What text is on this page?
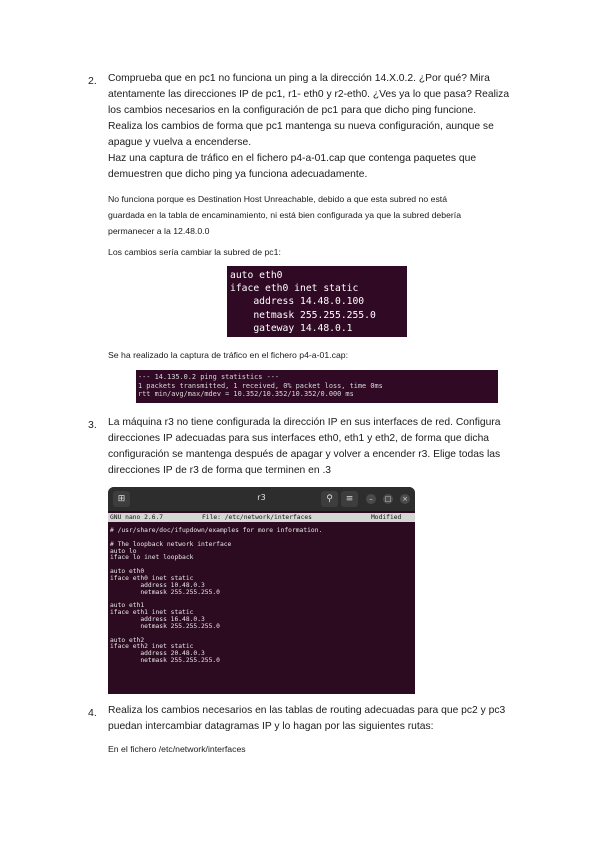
2. Comprueba que en pc1 no funciona un ping a la dirección 14.X.0.2. ¿Por qué? Mira
atentamente las direcciones IP de pc1, r1- eth0 y r2-eth0. ¿Ves ya lo que pasa? Realiza
los cambios necesarios en la configuración de pc1 para que dicho ping funcione.
Realiza los cambios de forma que pc1 mantenga su nueva configuración, aunque se
apague y vuelva a encenderse.
Haz una captura de tráfico en el fichero p4-a-01.cap que contenga paquetes que
demuestren que dicho ping ya funciona adecuadamente.
No funciona porque es Destination Host Unreachable, debido a que esta subred no está
guardada en la tabla de encaminamiento, ni está bien configurada ya que la subred debería
permanecer a la 12.48.0.0
Los cambios sería cambiar la subred de pc1:
auto eth0
iface eth0 inet static
address 14.48.0.100
netmask 255.255.255.0
gateway 14.48.0.1
Se ha realizado la captura de tráfico en el fichero p4-a-01.cap:
--- 14.135.0.2 ping statistics ---
1 packets transmitted, 1 received, 0% packet loss, time 0ms
rtt min/avg/max/mdev = 10.352/10.352/10.352/0.000 ms
3. La máquina r3 no tiene configurada la dirección IP en sus interfaces de red. Configura
direcciones IP adecuadas para sus interfaces eth0, eth1 y eth2, de forma que dicha
configuración se mantenga después de apagar y volver a encender r3. Elige todas las
direcciones IP de r3 de forma que terminen en .3
⊞	r3	⚲	≡	–	□ ×
GNU nano 2.6.7	File: /etc/network/interfaces	Modified
# /usr/share/doc/ifupdown/examples for more information.
# The loopback network interface
auto lo
iface lo inet loopback
auto eth0
iface eth0 inet static
address 10.48.0.3
netmask 255.255.255.0
auto eth1
iface eth1 inet static
address 16.48.0.3
netmask 255.255.255.0
auto eth2
iface eth2 inet static
address 20.48.0.3
netmask 255.255.255.0
4. Realiza los cambios necesarios en las tablas de routing adecuadas para que pc2 y pc3
puedan intercambiar datagramas IP y lo hagan por las siguientes rutas:
En el fichero /etc/network/interfaces
